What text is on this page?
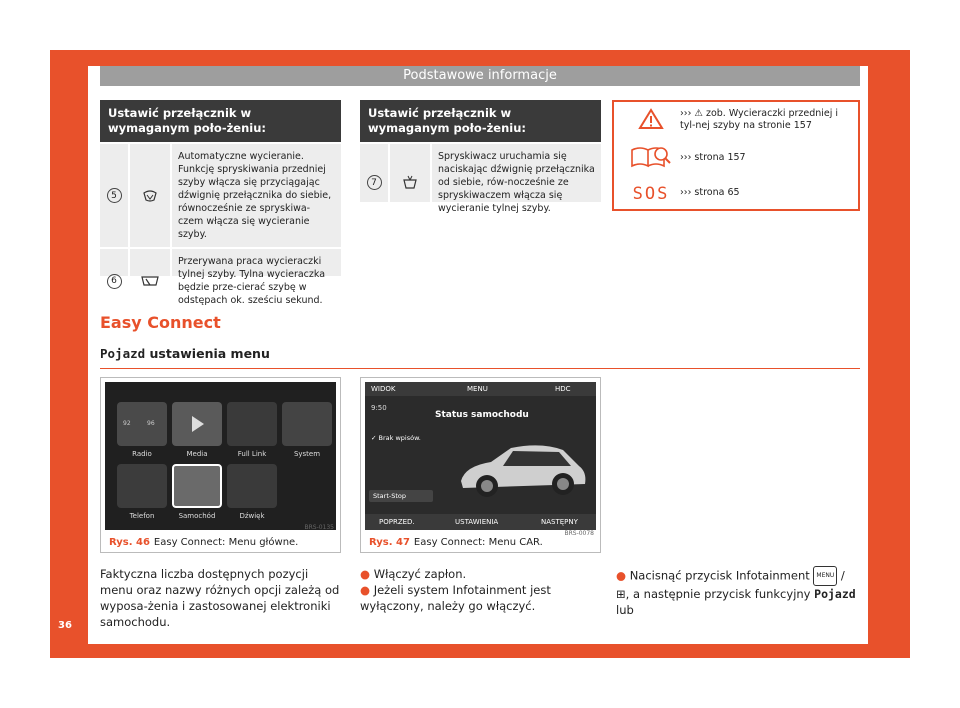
Podstawowe informacje
Ustawić przełącznik w wymaganym poło-żeniu:
5
Automatyczne wycieranie. Funkcję spryskiwania przedniej szyby włącza się przyciągając dźwignię przełącznika do siebie, równocześnie ze spryskiwa-czem włącza się wycieranie szyby.
6
Przerywana praca wycieraczki tylnej szyby. Tylna wycieraczka będzie prze-cierać szybę w odstępach ok. sześciu sekund.
Ustawić przełącznik w wymaganym poło-żeniu:
7
Spryskiwacz uruchamia się naciskając dźwignię przełącznika od siebie, rów-nocześnie ze spryskiwaczem włącza się wycieranie tylnej szyby.
››› ⚠ zob. Wycieraczki przedniej i tyl-nej szyby na stronie 157
››› strona 157
SOS ››› strona 65
Easy Connect
Pojazd ustawienia menu
92	96
Radio	Media	Full Link	System
Telefon	Samochód	Dźwięk
BRS-0135
Rys. 46 Easy Connect: Menu główne.
WIDOK	MENU	HDC
9:50
Status samochodu
✓ Brak wpisów.
Start-Stop
POPRZED.	USTAWIENIA	NASTĘPNY
BRS-0078
Rys. 47 Easy Connect: Menu CAR.
Faktyczna liczba dostępnych pozycji menu oraz nazwy różnych opcji zależą od wyposa-żenia i zastosowanej elektroniki samochodu.
● Włączyć zapłon.
● Jeżeli system Infotainment jest wyłączony, należy go włączyć.
● Nacisnąć przycisk Infotainment MENU / ⊞, a następnie przycisk funkcyjny Pojazd lub
36
